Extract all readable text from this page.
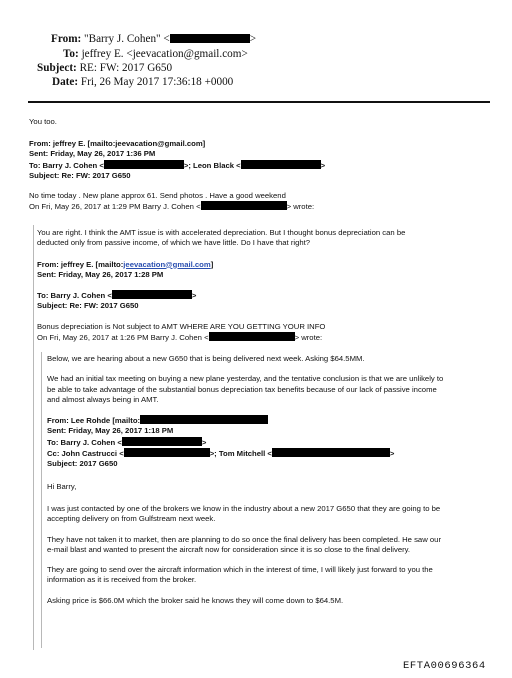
From: "Barry J. Cohen" <	>
To: jeffrey E. <jeevacation@gmail.com>
Subject: RE: FW: 2017 G650
Date: Fri, 26 May 2017 17:36:18 +0000

You too.

From: jeffrey E. [mailto:jeevacation@gmail.com]

Sent: Friday, May 26, 2017 1:36 PM

To: Barry J. Cohen <	>; Leon Black <	>

Subject: Re: FW: 2017 G650

No time today . New plane approx 61. Send photos . Have a good weekend

On Fri, May 26, 2017 at 1:29 PM Barry J. Cohen <	> wrote:

You are right. I think the AMT issue is with accelerated depreciation. But I thought bonus depreciation can be

deducted only from passive income, of which we have little. Do I have that right?

From: jeffrey E. [mailto:jeevacation@gmail.com]

Sent: Friday, May 26, 2017 1:28 PM

To: Barry J. Cohen <	>

Subject: Re: FW: 2017 G650

Bonus depreciation is Not subject to AMT WHERE ARE YOU GETTING YOUR INFO

On Fri, May 26, 2017 at 1:26 PM Barry J. Cohen <	> wrote:

Below, we are hearing about a new G650 that is being delivered next week. Asking $64.5MM.

We had an initial tax meeting on buying a new plane yesterday, and the tentative conclusion is that we are unlikely to

be able to take advantage of the substantial bonus depreciation tax benefits because of our lack of passive income

and almost always being in AMT.

From: Lee Rohde [mailto:

Sent: Friday, May 26, 2017 1:18 PM

To: Barry J. Cohen <	>

Cc: John Castrucci <	>; Tom Mitchell <	>

Subject: 2017 G650

Hi Barry,

I was just contacted by one of the brokers we know in the industry about a new 2017 G650 that they are going to be

accepting delivery on from Gulfstream next week.

They have not taken it to market, then are planning to do so once the final delivery has been completed. He saw our

e-mail blast and wanted to present the aircraft now for consideration since it is so close to the final delivery.

They are going to send over the aircraft information which in the interest of time, I will likely just forward to you the

information as it is received from the broker.

Asking price is $66.0M which the broker said he knows they will come down to $64.5M.

EFTA00696364
